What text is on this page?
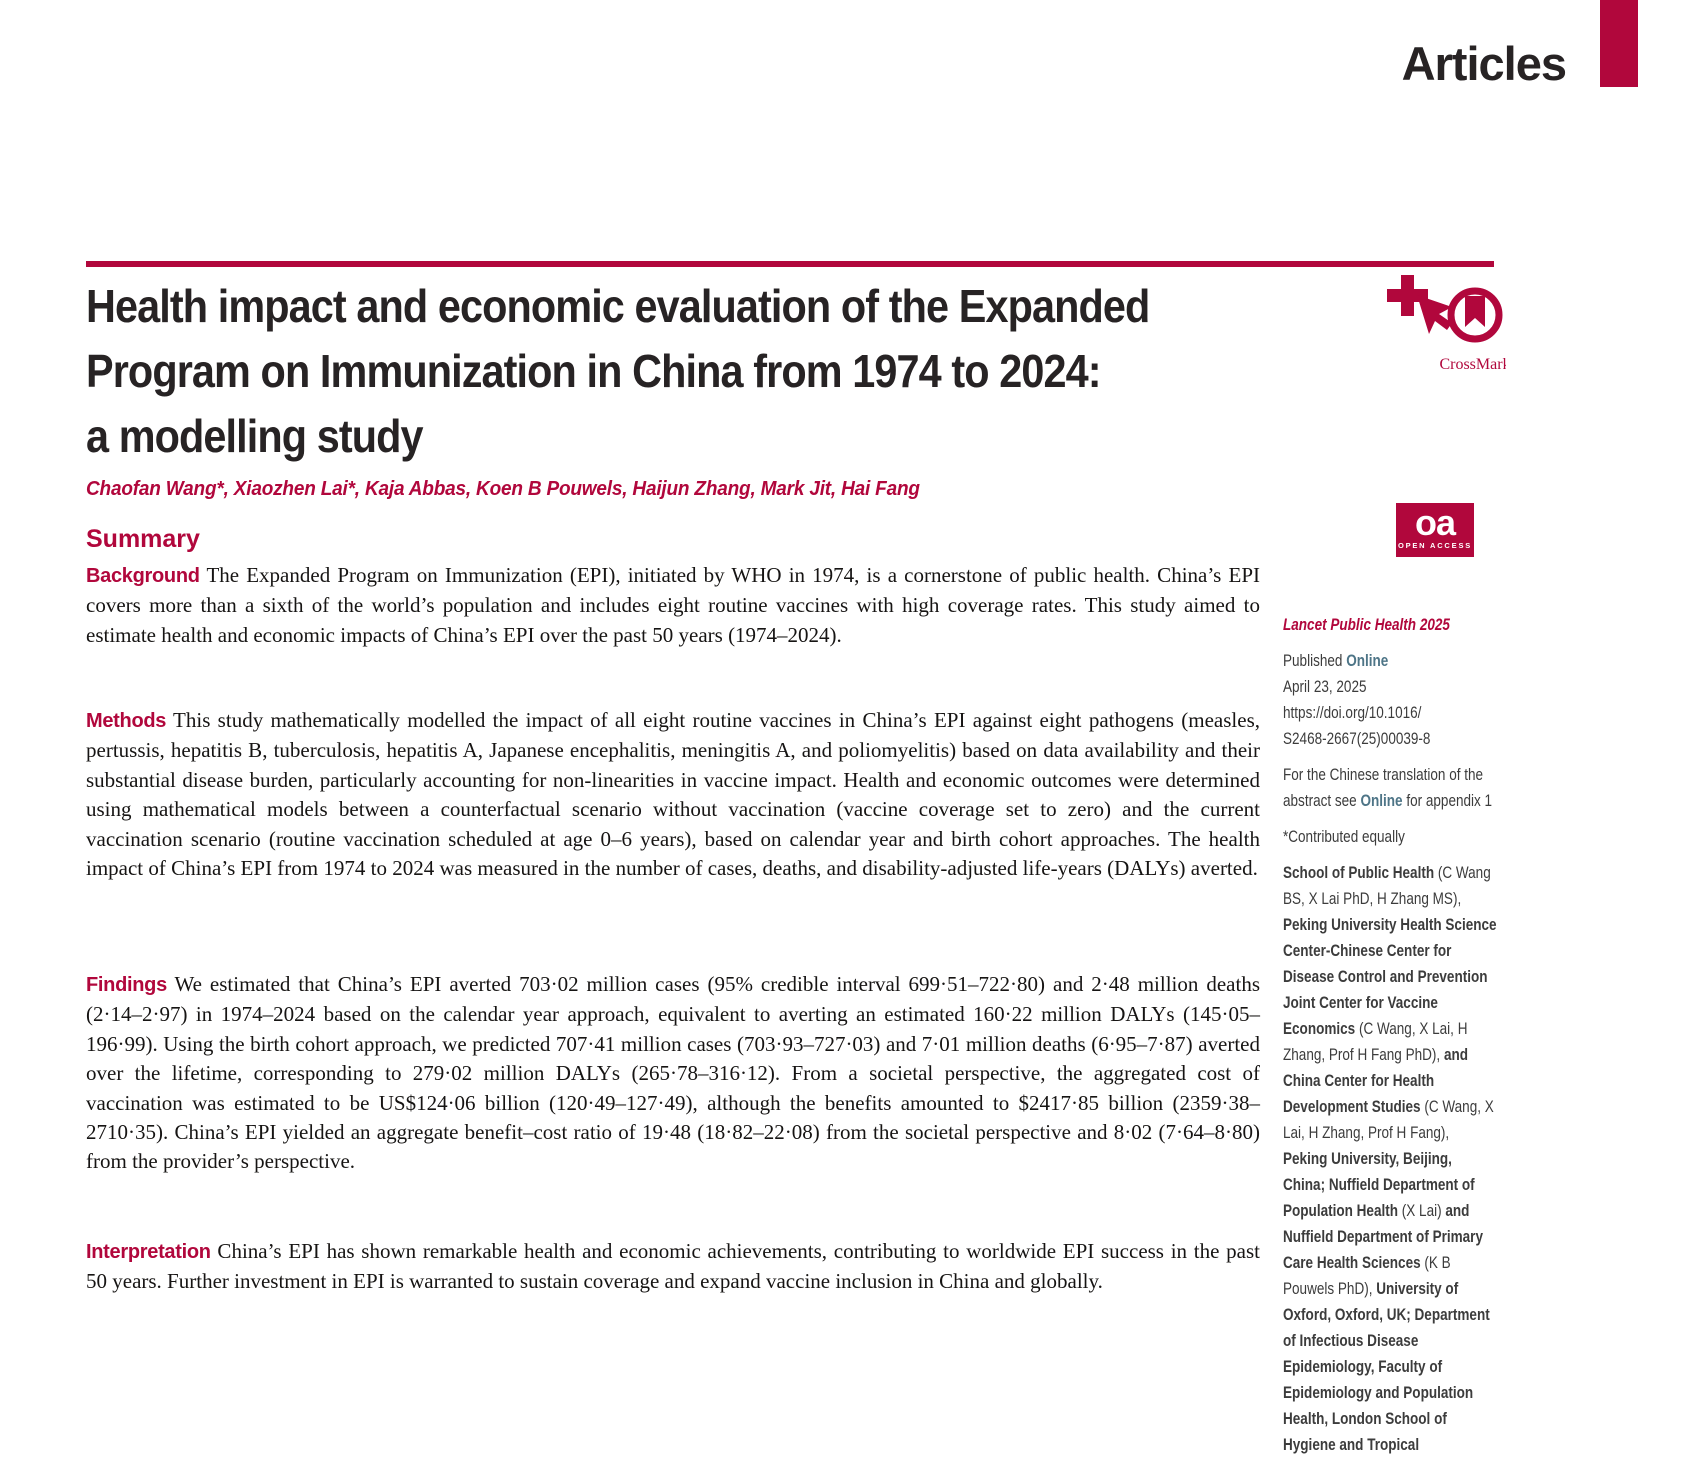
Articles
Health impact and economic evaluation of the Expanded
Program on Immunization in China from 1974 to 2024:
a modelling study
Chaofan Wang*, Xiaozhen Lai*, Kaja Abbas, Koen B Pouwels, Haijun Zhang, Mark Jit, Hai Fang
Summary

Background The Expanded Program on Immunization (EPI), initiated by WHO in 1974, is a cornerstone of public health. China’s EPI covers more than a sixth of the world’s population and includes eight routine vaccines with high coverage rates. This study aimed to estimate health and economic impacts of China’s EPI over the past 50 years (1974–2024).

Methods This study mathematically modelled the impact of all eight routine vaccines in China’s EPI against eight pathogens (measles, pertussis, hepatitis B, tuberculosis, hepatitis A, Japanese encephalitis, meningitis A, and poliomyelitis) based on data availability and their substantial disease burden, particularly accounting for non-linearities in vaccine impact. Health and economic outcomes were determined using mathematical models between a counterfactual scenario without vaccination (vaccine coverage set to zero) and the current vaccination scenario (routine vaccination scheduled at age 0–6 years), based on calendar year and birth cohort approaches. The health impact of China’s EPI from 1974 to 2024 was measured in the number of cases, deaths, and disability-adjusted life-years (DALYs) averted.

Findings We estimated that China’s EPI averted 703·02 million cases (95% credible interval 699·51–722·80) and 2·48 million deaths (2·14–2·97) in 1974–2024 based on the calendar year approach, equivalent to averting an estimated 160·22 million DALYs (145·05–196·99). Using the birth cohort approach, we predicted 707·41 million cases (703·93–727·03) and 7·01 million deaths (6·95–7·87) averted over the lifetime, corresponding to 279·02 million DALYs (265·78–316·12). From a societal perspective, the aggregated cost of vaccination was estimated to be US$124·06 billion (120·49–127·49), although the benefits amounted to $2417·85 billion (2359·38–2710·35). China’s EPI yielded an aggregate benefit–cost ratio of 19·48 (18·82–22·08) from the societal perspective and 8·02 (7·64–8·80) from the provider’s perspective.

Interpretation China’s EPI has shown remarkable health and economic achievements, contributing to worldwide EPI success in the past 50 years. Further investment in EPI is warranted to sustain coverage and expand vaccine inclusion in China and globally.

CrossMark
oa
OPEN ACCESS
Lancet Public Health 2025
Published Online
April 23, 2025
https://doi.org/10.1016/
S2468-2667(25)00039-8
For the Chinese translation of the abstract see Online for appendix 1
*Contributed equally
School of Public Health (C Wang BS, X Lai PhD, H Zhang MS), Peking University Health Science Center-Chinese Center for Disease Control and Prevention Joint Center for Vaccine Economics (C Wang, X Lai, H Zhang, Prof H Fang PhD), and China Center for Health Development Studies (C Wang, X Lai, H Zhang, Prof H Fang), Peking University, Beijing, China; Nuffield Department of Population Health (X Lai) and Nuffield Department of Primary Care Health Sciences (K B Pouwels PhD), University of Oxford, Oxford, UK; Department of Infectious Disease Epidemiology, Faculty of Epidemiology and Population Health, London School of Hygiene and Tropical
